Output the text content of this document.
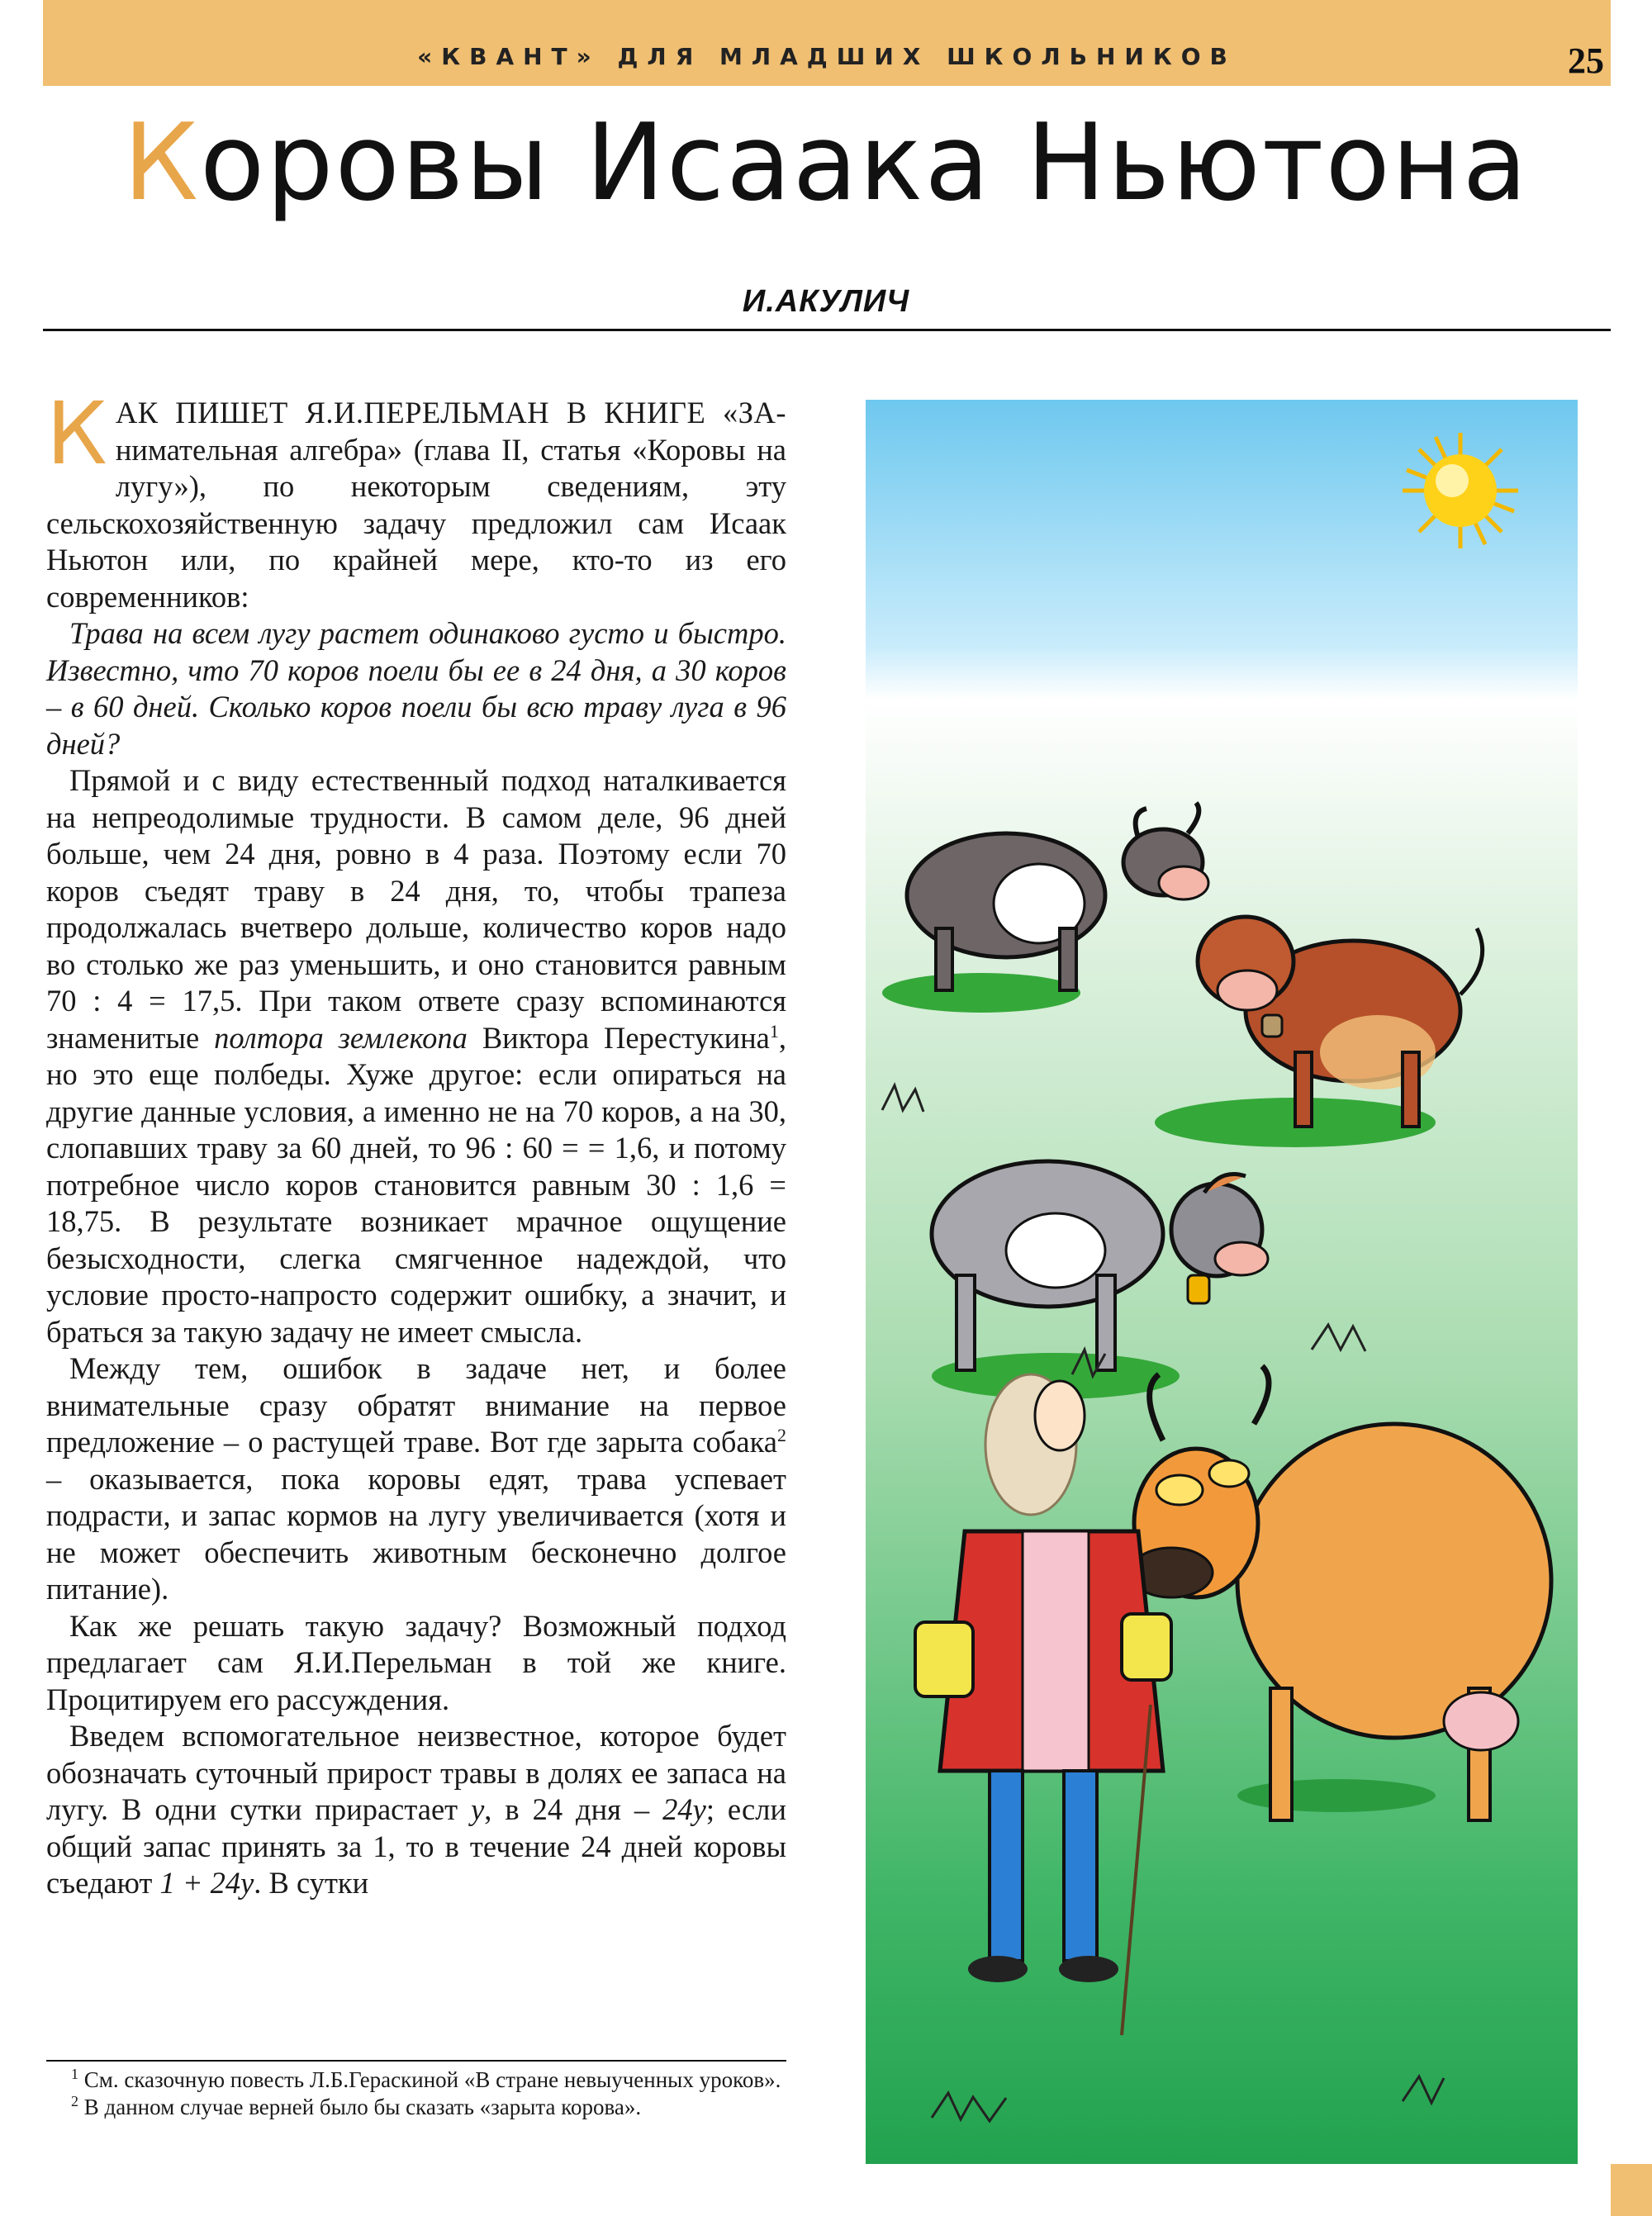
«КВАНТ» ДЛЯ МЛАДШИХ ШКОЛЬНИКОВ	25
Коровы Исаака Ньютона
И.АКУЛИЧ

КАК ПИШЕТ Я.И.ПЕРЕЛЬМАН В КНИГЕ «ЗА- нимательная алгебра» (глава II, статья «Коровы на лугу»), по некоторым сведениям, эту сельскохозяйственную задачу предложил сам Исаак Ньютон или, по крайней мере, кто-то из его современников:

Трава на всем лугу растет одинаково густо и быстро. Известно, что 70 коров поели бы ее в 24 дня, а 30 коров – в 60 дней. Сколько коров поели бы всю траву луга в 96 дней?

Прямой и с виду естественный подход наталкивается на непреодолимые трудности. В самом деле, 96 дней больше, чем 24 дня, ровно в 4 раза. Поэтому если 70 коров съедят траву в 24 дня, то, чтобы трапеза продолжалась вчетверо дольше, количество коров надо во столько же раз уменьшить, и оно становится равным 70 : 4 = 17,5. При таком ответе сразу вспоминаются знаменитые полтора землекопа Виктора Перестукина$^1$, но это еще полбеды. Хуже другое: если опираться на другие данные условия, а именно не на 70 коров, а на 30, слопавших траву за 60 дней, то 96 : 60 = = 1,6, и потому потребное число коров становится равным 30 : 1,6 = 18,75. В результате возникает мрачное ощущение безысходности, слегка смягченное надеждой, что условие просто-напросто содержит ошибку, а значит, и браться за такую задачу не имеет смысла.

Между тем, ошибок в задаче нет, и более внимательные сразу обратят внимание на первое предложение – о растущей траве. Вот где зарыта собака$^2$ – оказывается, пока коровы едят, трава успевает подрасти, и запас кормов на лугу увеличивается (хотя и не может обеспечить животным бесконечно долгое питание).

Как же решать такую задачу? Возможный подход предлагает сам Я.И.Перельман в той же книге. Процитируем его рассуждения.

Введем вспомогательное неизвестное, которое будет обозначать суточный прирост травы в долях ее запаса на лугу. В одни сутки прирастает y, в 24 дня – 24y; если общий запас принять за 1, то в течение 24 дней коровы съедают 1 + 24y. В сутки

$^1$ См. сказочную повесть Л.Б.Гераскиной «В стране невыученных уроков».

$^2$ В данном случае верней было бы сказать «зарыта корова».
